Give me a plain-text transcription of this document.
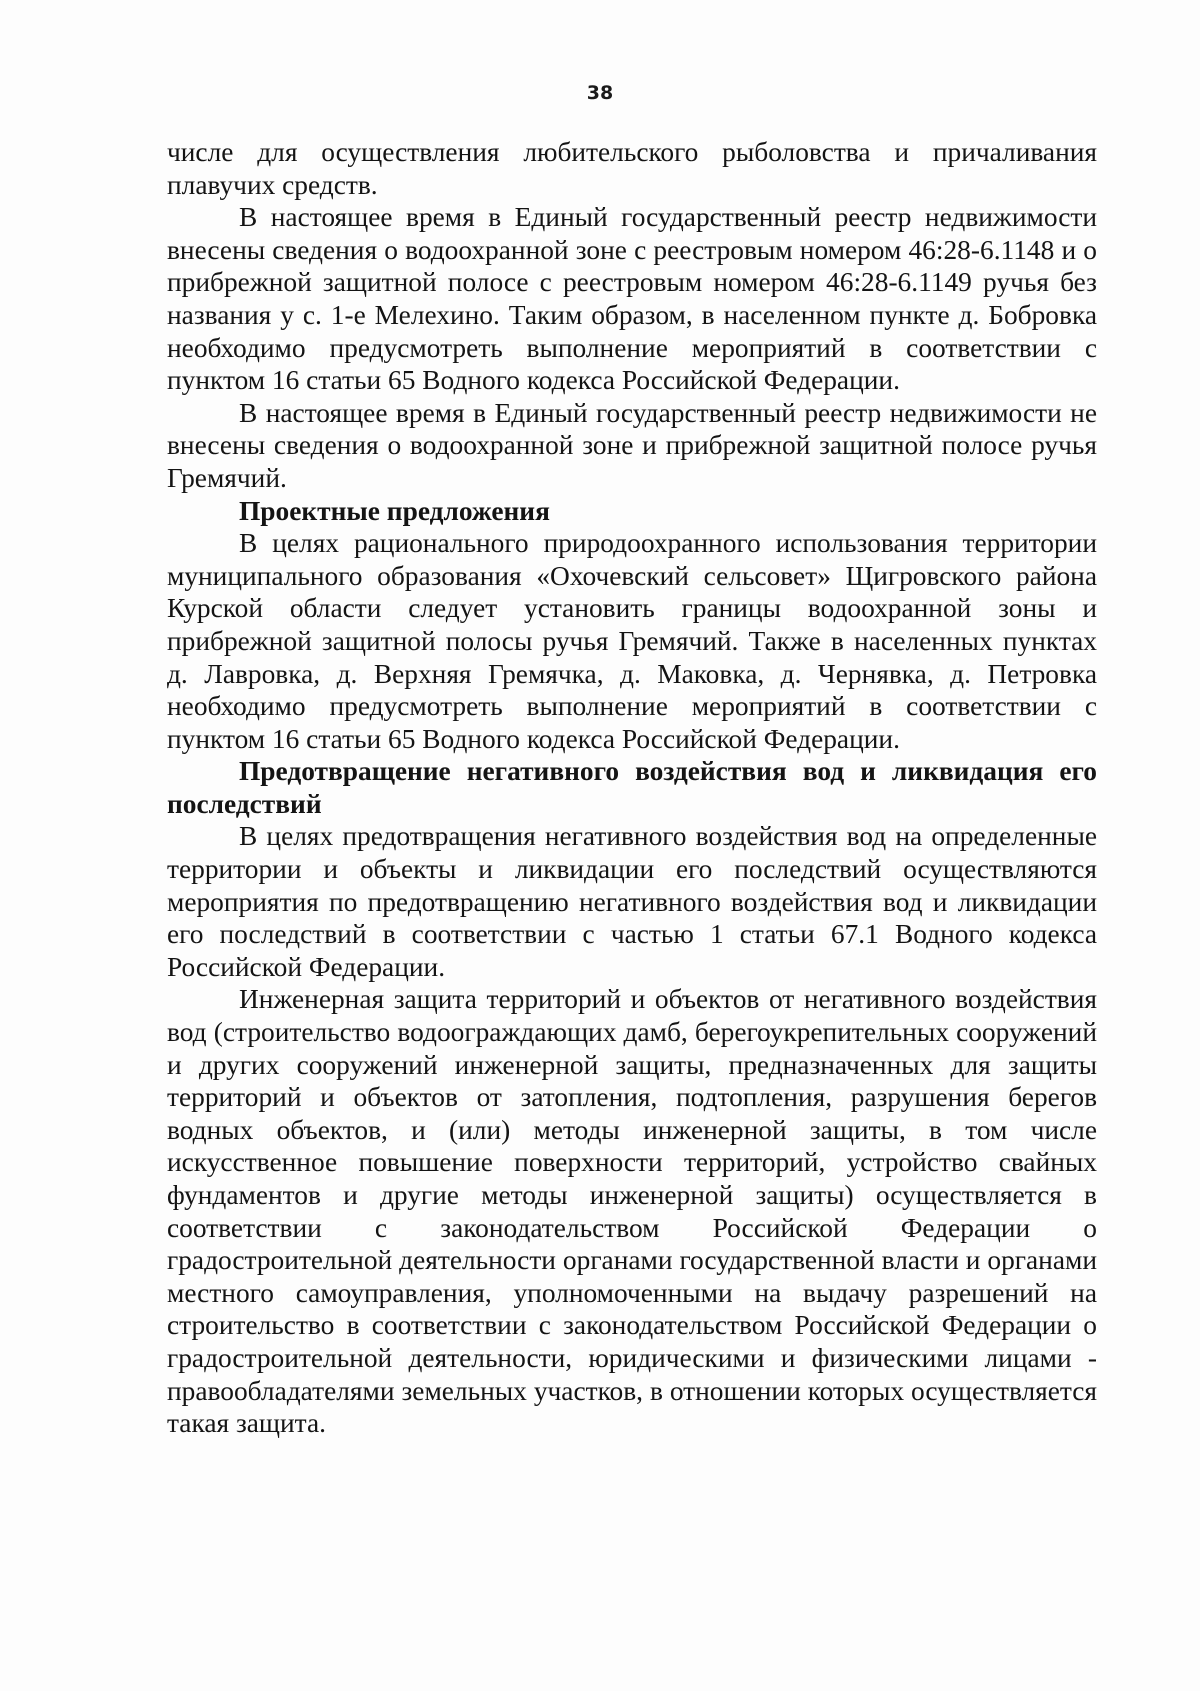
38

числе для осуществления любительского рыболовства и причаливания плавучих средств.

В настоящее время в Единый государственный реестр недвижимости внесены сведения о водоохранной зоне с реестровым номером 46:28-6.1148 и о прибрежной защитной полосе с реестровым номером 46:28-6.1149 ручья без названия у с. 1-е Мелехино. Таким образом, в населенном пункте д. Бобровка необходимо предусмотреть выполнение мероприятий в соответствии с пунктом 16 статьи 65 Водного кодекса Российской Федерации.

В настоящее время в Единый государственный реестр недвижимости не внесены сведения о водоохранной зоне и прибрежной защитной полосе ручья Гремячий.

Проектные предложения

В целях рационального природоохранного использования территории муниципального образования «Охочевский сельсовет» Щигровского района Курской области следует установить границы водоохранной зоны и прибрежной защитной полосы ручья Гремячий. Также в населенных пунктах д. Лавровка, д. Верхняя Гремячка, д. Маковка, д. Чернявка, д. Петровка необходимо предусмотреть выполнение мероприятий в соответствии с пунктом 16 статьи 65 Водного кодекса Российской Федерации.

Предотвращение негативного воздействия вод и ликвидация его последствий

В целях предотвращения негативного воздействия вод на определенные территории и объекты и ликвидации его последствий осуществляются мероприятия по предотвращению негативного воздействия вод и ликвидации его последствий в соответствии с частью 1 статьи 67.1 Водного кодекса Российской Федерации.

Инженерная защита территорий и объектов от негативного воздействия вод (строительство водоограждающих дамб, берегоукрепительных сооружений и других сооружений инженерной защиты, предназначенных для защиты территорий и объектов от затопления, подтопления, разрушения берегов водных объектов, и (или) методы инженерной защиты, в том числе искусственное повышение поверхности территорий, устройство свайных фундаментов и другие методы инженерной защиты) осуществляется в соответствии с законодательством Российской Федерации о градостроительной деятельности органами государственной власти и органами местного самоуправления, уполномоченными на выдачу разрешений на строительство в соответствии с законодательством Российской Федерации о градостроительной деятельности, юридическими и физическими лицами - правообладателями земельных участков, в отношении которых осуществляется такая защита.
